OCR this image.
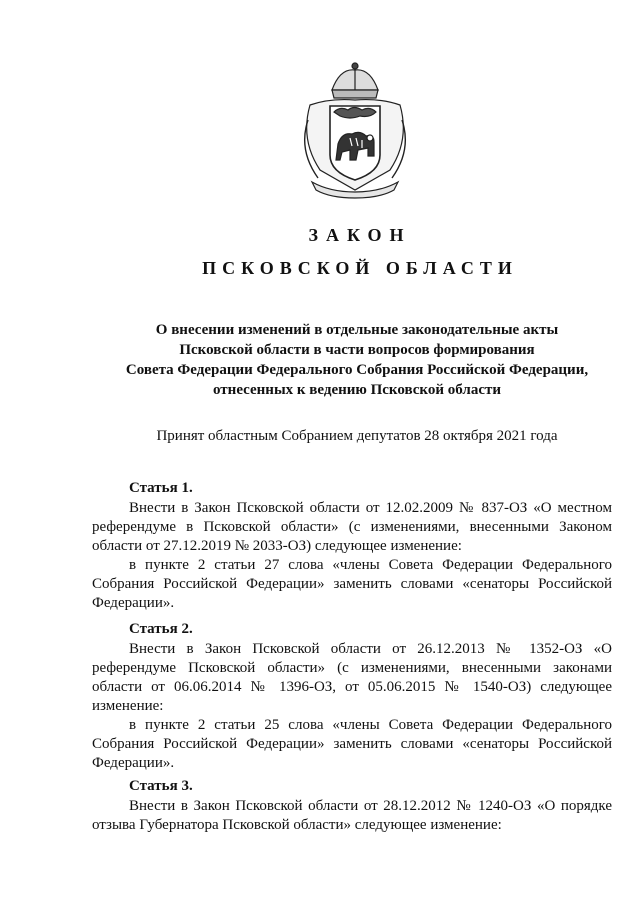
ЗАКОН
ПСКОВСКОЙ ОБЛАСТИ
О внесении изменений в отдельные законодательные акты
Псковской области в части вопросов формирования
Совета Федерации Федерального Собрания Российской Федерации,
отнесенных к ведению Псковской области
Принят областным Собранием депутатов 28 октября 2021 года
Статья 1.

Внести в Закон Псковской области от 12.02.2009 № 837-ОЗ «О местном референдуме в Псковской области» (с изменениями, внесенными Законом области от 27.12.2019 № 2033-ОЗ) следующее изменение:

в пункте 2 статьи 27 слова «члены Совета Федерации Федерального Собрания Российской Федерации» заменить словами «сенаторы Российской Федерации».

Статья 2.

Внести в Закон Псковской области от 26.12.2013 № 1352-ОЗ «О референдуме Псковской области» (с изменениями, внесенными законами области от 06.06.2014 № 1396-ОЗ, от 05.06.2015 № 1540-ОЗ) следующее изменение:

в пункте 2 статьи 25 слова «члены Совета Федерации Федерального Собрания Российской Федерации» заменить словами «сенаторы Российской Федерации».

Статья 3.

Внести в Закон Псковской области от 28.12.2012 № 1240-ОЗ «О порядке отзыва Губернатора Псковской области» следующее изменение:
